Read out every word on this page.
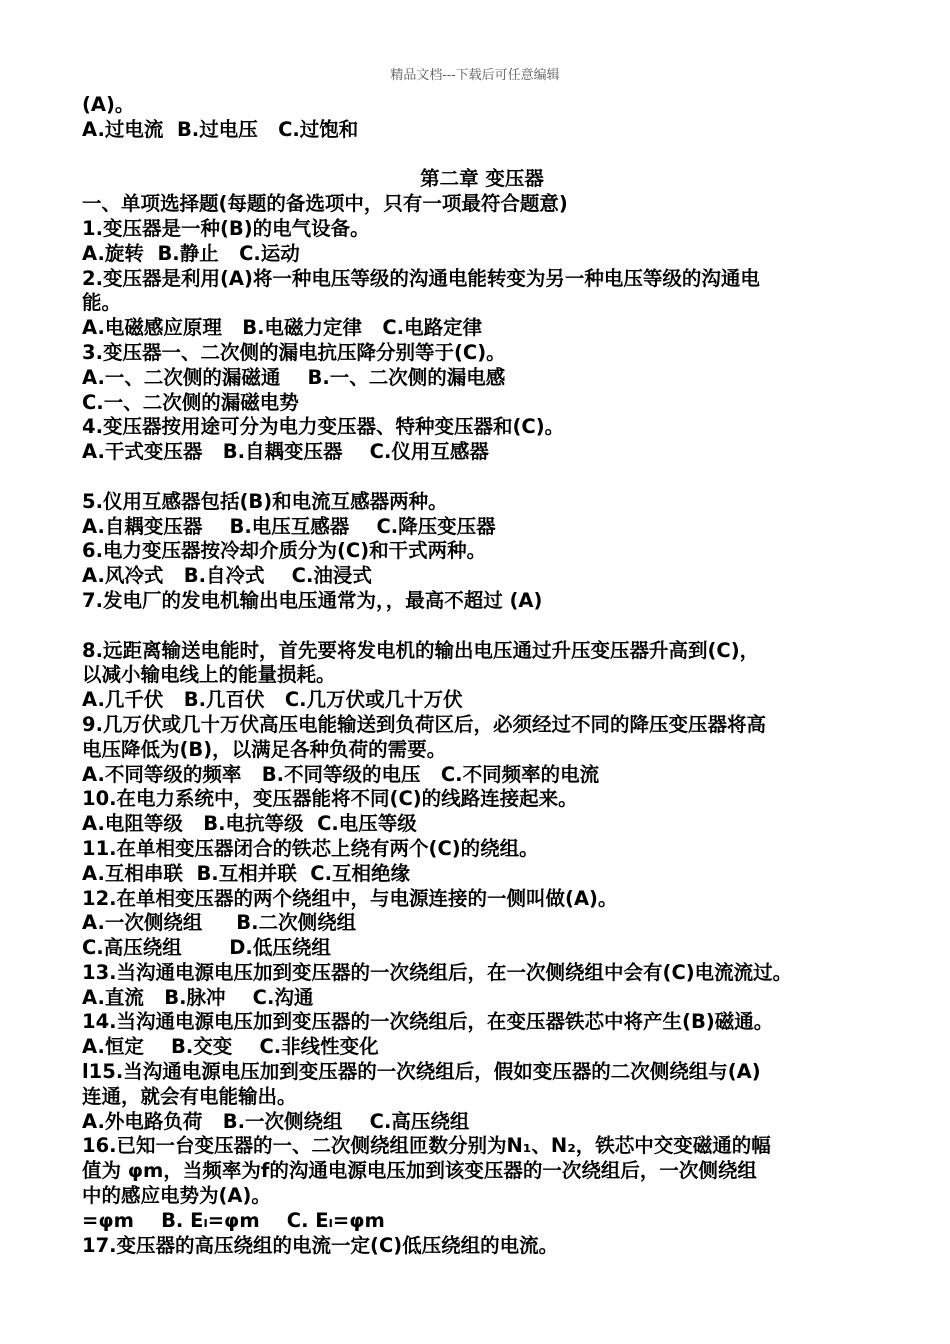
精品文档---下载后可任意编辑
(A)。
A.过电流  B.过电压   C.过饱和
第二章 变压器
一、单项选择题(每题的备选项中，只有一项最符合题意)
1.变压器是一种(B)的电气设备。
A.旋转  B.静止   C.运动
2.变压器是利用(A)将一种电压等级的沟通电能转变为另一种电压等级的沟通电
能。
A.电磁感应原理   B.电磁力定律   C.电路定律
3.变压器一、二次侧的漏电抗压降分别等于(C)。
A.一、二次侧的漏磁通    B.一、二次侧的漏电感
C.一、二次侧的漏磁电势
4.变压器按用途可分为电力变压器、特种变压器和(C)。
A.干式变压器   B.自耦变压器    C.仪用互感器
5.仪用互感器包括(B)和电流互感器两种。
A.自耦变压器    B.电压互感器    C.降压变压器
6.电力变压器按冷却介质分为(C)和干式两种。
A.风冷式   B.自冷式    C.油浸式
7.发电厂的发电机输出电压通常为，，最高不超过 (A)
8.远距离输送电能时，首先要将发电机的输出电压通过升压变压器升高到(C)，
以减小输电线上的能量损耗。
A.几千伏   B.几百伏   C.几万伏或几十万伏
9.几万伏或几十万伏高压电能输送到负荷区后，必须经过不同的降压变压器将高
电压降低为(B)，以满足各种负荷的需要。
A.不同等级的频率   B.不同等级的电压   C.不同频率的电流
10.在电力系统中，变压器能将不同(C)的线路连接起来。
A.电阻等级   B.电抗等级  C.电压等级
11.在单相变压器闭合的铁芯上绕有两个(C)的绕组。
A.互相串联  B.互相并联  C.互相绝缘
12.在单相变压器的两个绕组中，与电源连接的一侧叫做(A)。
A.一次侧绕组     B.二次侧绕组
C.高压绕组       D.低压绕组
13.当沟通电源电压加到变压器的一次绕组后，在一次侧绕组中会有(C)电流流过。
A.直流   B.脉冲    C.沟通
14.当沟通电源电压加到变压器的一次绕组后，在变压器铁芯中将产生(B)磁通。
A.恒定    B.交变    C.非线性变化
l15.当沟通电源电压加到变压器的一次绕组后，假如变压器的二次侧绕组与(A)
连通，就会有电能输出。
A.外电路负荷   B.一次侧绕组    C.高压绕组
16.已知一台变压器的一、二次侧绕组匝数分别为N₁、N₂，铁芯中交变磁通的幅
值为 φm，当频率为f的沟通电源电压加到该变压器的一次绕组后，一次侧绕组
中的感应电势为(A)。
=φm    B. Eₗ=φm    C. Eₗ=φm
17.变压器的高压绕组的电流一定(C)低压绕组的电流。
